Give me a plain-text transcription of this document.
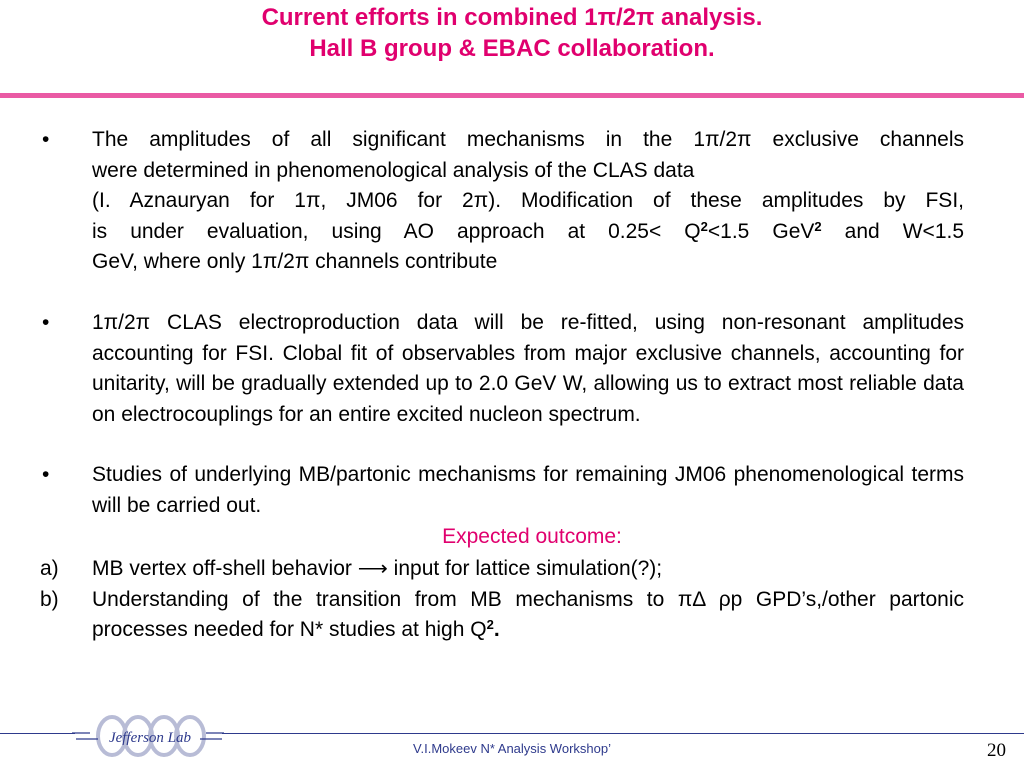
Current efforts in combined 1π/2π analysis.
Hall B group & EBAC collaboration.
•	The amplitudes of all significant mechanisms in the 1π/2π exclusive channels
were determined in phenomenological analysis of the CLAS data
(I. Aznauryan for 1π, JM06 for 2π). Modification of these amplitudes by FSI,
is under evaluation, using AO approach at $0.25< Q^2<1.5$ GeV$^2$ and W<1.5
GeV, where only 1π/2π channels contribute
•	1π/2π CLAS electroproduction data will be re-fitted, using non-resonant amplitudes accounting for FSI. Clobal fit of observables from major exclusive channels, accounting for unitarity, will be gradually extended up to 2.0 GeV W, allowing us to extract most reliable data on electrocouplings for an entire excited nucleon spectrum.
•	Studies of underlying MB/partonic mechanisms for remaining JM06 phenomenological terms will be carried out.
Expected outcome:
a)	MB vertex off-shell behavior ⟶ input for lattice simulation(?);
b)	Understanding of the transition from MB mechanisms to πΔ ρp GPD’s,/other partonic processes needed for N* studies at high $Q^2$.
Jefferson Lab
V.I.Mokeev N* Analysis Workshop’	20
